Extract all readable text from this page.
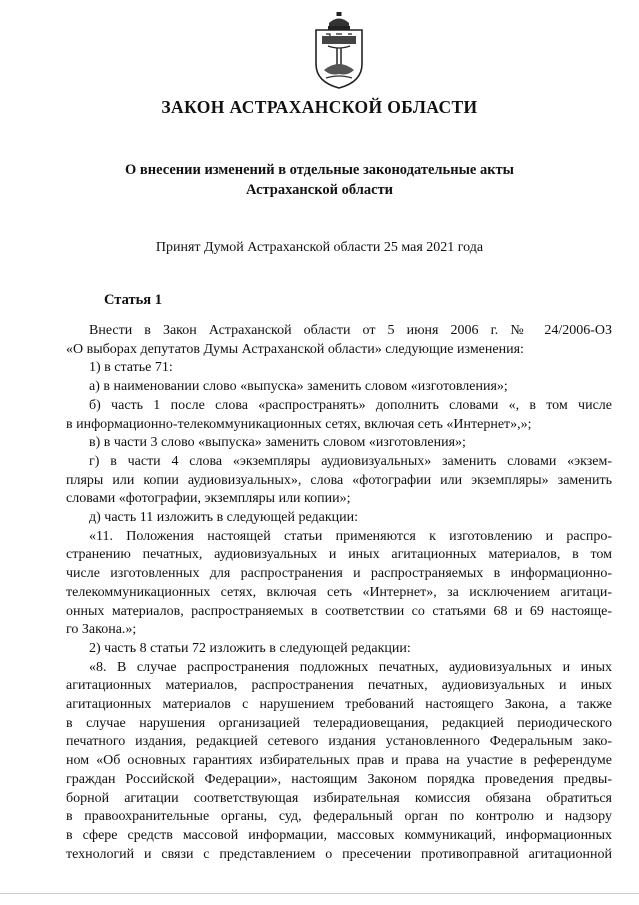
ЗАКОН АСТРАХАНСКОЙ ОБЛАСТИ
О внесении изменений в отдельные законодательные акты
Астраханской области
Принят Думой Астраханской области 25 мая 2021 года
Статья 1
Внести в Закон Астраханской области от 5 июня 2006 г. № 24/2006-ОЗ
«О выборах депутатов Думы Астраханской области» следующие изменения:
1) в статье 71:
а) в наименовании слово «выпуска» заменить словом «изготовления»;
б) часть 1 после слова «распространять» дополнить словами «, в том числе
в информационно-телекоммуникационных сетях, включая сеть «Интернет»,»;
в) в части 3 слово «выпуска» заменить словом «изготовления»;
г) в части 4 слова «экземпляры аудиовизуальных» заменить словами «экзем-
пляры или копии аудиовизуальных», слова «фотографии или экземпляры» заменить
словами «фотографии, экземпляры или копии»;
д) часть 11 изложить в следующей редакции:
«11. Положения настоящей статьи применяются к изготовлению и распро-
странению печатных, аудиовизуальных и иных агитационных материалов, в том
числе изготовленных для распространения и распространяемых в информационно-
телекоммуникационных сетях, включая сеть «Интернет», за исключением агитаци-
онных материалов, распространяемых в соответствии со статьями 68 и 69 настояще-
го Закона.»;
2) часть 8 статьи 72 изложить в следующей редакции:
«8. В случае распространения подложных печатных, аудиовизуальных и иных
агитационных материалов, распространения печатных, аудиовизуальных и иных
агитационных материалов с нарушением требований настоящего Закона, а также
в случае нарушения организацией телерадиовещания, редакцией периодического
печатного издания, редакцией сетевого издания установленного Федеральным зако-
ном «Об основных гарантиях избирательных прав и права на участие в референдуме
граждан Российской Федерации», настоящим Законом порядка проведения предвы-
борной агитации соответствующая избирательная комиссия обязана обратиться
в правоохранительные органы, суд, федеральный орган по контролю и надзору
в сфере средств массовой информации, массовых коммуникаций, информационных
технологий и связи с представлением о пресечении противоправной агитационной
